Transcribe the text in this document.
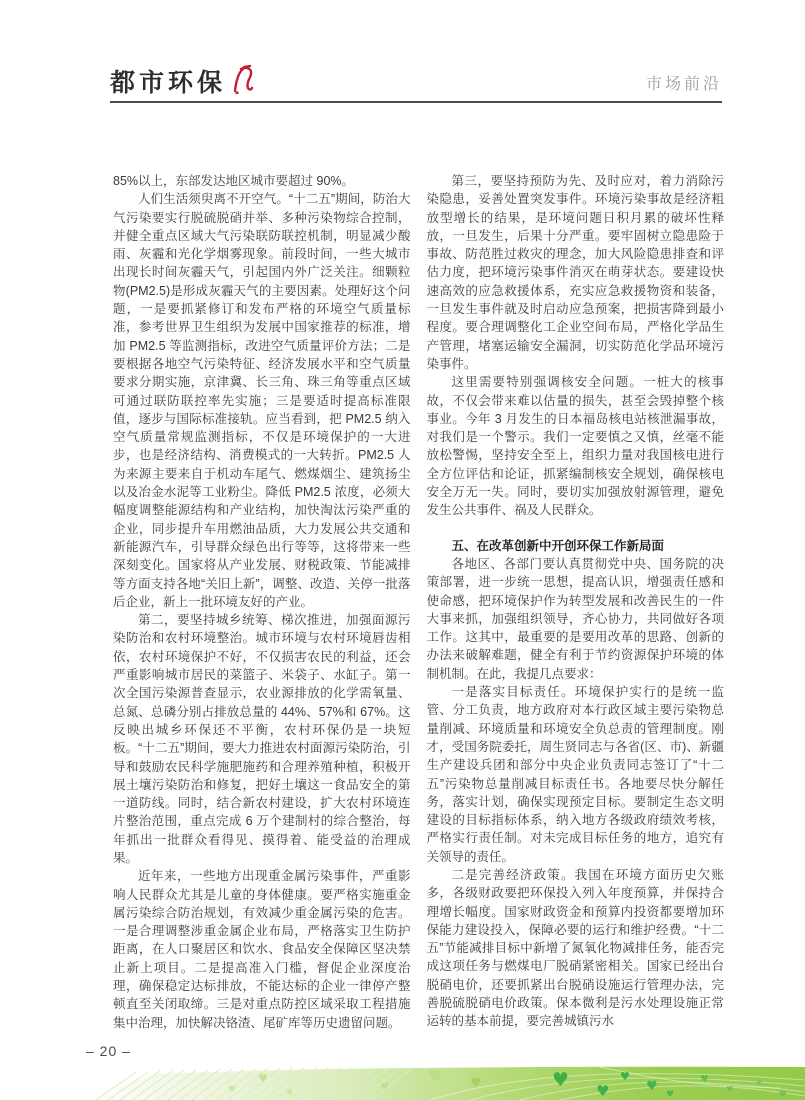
都市环保	市场前沿

85%以上，东部发达地区城市要超过 90%。

人们生活须臾离不开空气。“十二五”期间，防治大气污染要实行脱硫脱硝并举、多种污染物综合控制，并健全重点区域大气污染联防联控机制，明显减少酸雨、灰霾和光化学烟雾现象。前段时间，一些大城市出现长时间灰霾天气，引起国内外广泛关注。细颗粒物(PM2.5)是形成灰霾天气的主要因素。处理好这个问题，一是要抓紧修订和发布严格的环境空气质量标准，参考世界卫生组织为发展中国家推荐的标准，增加 PM2.5 等监测指标，改进空气质量评价方法；二是要根据各地空气污染特征、经济发展水平和空气质量要求分期实施，京津冀、长三角、珠三角等重点区域可通过联防联控率先实施；三是要适时提高标准限值，逐步与国际标准接轨。应当看到，把 PM2.5 纳入空气质量常规监测指标，不仅是环境保护的一大进步，也是经济结构、消费模式的一大转折。PM2.5 人为来源主要来自于机动车尾气、燃煤烟尘、建筑扬尘以及冶金水泥等工业粉尘。降低 PM2.5 浓度，必须大幅度调整能源结构和产业结构，加快淘汰污染严重的企业，同步提升车用燃油品质，大力发展公共交通和新能源汽车，引导群众绿色出行等等，这将带来一些深刻变化。国家将从产业发展、财税政策、节能减排等方面支持各地“关旧上新”，调整、改造、关停一批落后企业，新上一批环境友好的产业。

第二，要坚持城乡统筹、梯次推进，加强面源污染防治和农村环境整治。城市环境与农村环境唇齿相依，农村环境保护不好，不仅损害农民的利益，还会严重影响城市居民的菜篮子、米袋子、水缸子。第一次全国污染源普查显示，农业源排放的化学需氧量、总氮、总磷分别占排放总量的 44%、57%和 67%。这反映出城乡环保还不平衡，农村环保仍是一块短板。“十二五”期间，要大力推进农村面源污染防治，引导和鼓励农民科学施肥施药和合理养殖种植，积极开展土壤污染防治和修复，把好土壤这一食品安全的第一道防线。同时，结合新农村建设，扩大农村环境连片整治范围，重点完成 6 万个建制村的综合整治，每年抓出一批群众看得见、摸得着、能受益的治理成果。

近年来，一些地方出现重金属污染事件，严重影响人民群众尤其是儿童的身体健康。要严格实施重金属污染综合防治规划，有效减少重金属污染的危害。一是合理调整涉重金属企业布局，严格落实卫生防护距离，在人口聚居区和饮水、食品安全保障区坚决禁止新上项目。二是提高准入门槛，督促企业深度治理，确保稳定达标排放，不能达标的企业一律停产整顿直至关闭取缔。三是对重点防控区域采取工程措施集中治理，加快解决铬渣、尾矿库等历史遗留问题。

第三，要坚持预防为先、及时应对，着力消除污染隐患，妥善处置突发事件。环境污染事故是经济粗放型增长的结果，是环境问题日积月累的破坏性释放，一旦发生，后果十分严重。要牢固树立隐患险于事故、防范胜过救灾的理念，加大风险隐患排查和评估力度，把环境污染事件消灭在萌芽状态。要建设快速高效的应急救援体系，充实应急救援物资和装备，一旦发生事件就及时启动应急预案，把损害降到最小程度。要合理调整化工企业空间布局，严格化学品生产管理，堵塞运输安全漏洞，切实防范化学品环境污染事件。

这里需要特别强调核安全问题。一桩大的核事故，不仅会带来难以估量的损失，甚至会毁掉整个核事业。今年 3 月发生的日本福岛核电站核泄漏事故，对我们是一个警示。我们一定要慎之又慎，丝毫不能放松警惕，坚持安全至上，组织力量对我国核电进行全方位评估和论证，抓紧编制核安全规划，确保核电安全万无一失。同时，要切实加强放射源管理，避免发生公共事件、祸及人民群众。

五、在改革创新中开创环保工作新局面

各地区、各部门要认真贯彻党中央、国务院的决策部署，进一步统一思想，提高认识，增强责任感和使命感，把环境保护作为转型发展和改善民生的一件大事来抓，加强组织领导，齐心协力，共同做好各项工作。这其中，最重要的是要用改革的思路、创新的办法来破解难题，健全有利于节约资源保护环境的体制机制。在此，我提几点要求：

一是落实目标责任。环境保护实行的是统一监管、分工负责，地方政府对本行政区域主要污染物总量削减、环境质量和环境安全负总责的管理制度。刚才，受国务院委托，周生贤同志与各省(区、市)、新疆生产建设兵团和部分中央企业负责同志签订了“十二五”污染物总量削减目标责任书。各地要尽快分解任务，落实计划，确保实现预定目标。要制定生态文明建设的目标指标体系，纳入地方各级政府绩效考核，严格实行责任制。对未完成目标任务的地方，追究有关领导的责任。

二是完善经济政策。我国在环境方面历史欠账多，各级财政要把环保投入列入年度预算，并保持合理增长幅度。国家财政资金和预算内投资都要增加环保能力建设投入，保障必要的运行和维护经费。“十二五”节能减排目标中新增了氮氧化物减排任务，能否完成这项任务与燃煤电厂脱硝紧密相关。国家已经出台脱硝电价，还要抓紧出台脱硝设施运行管理办法，完善脱硫脱硝电价政策。保本微利是污水处理设施正常运转的基本前提，要完善城镇污水

– 20 –
♥
♥
♥	♥
♥ ♥	♥ ♥
♥
♥
♥
♥
♥
♥
♥
